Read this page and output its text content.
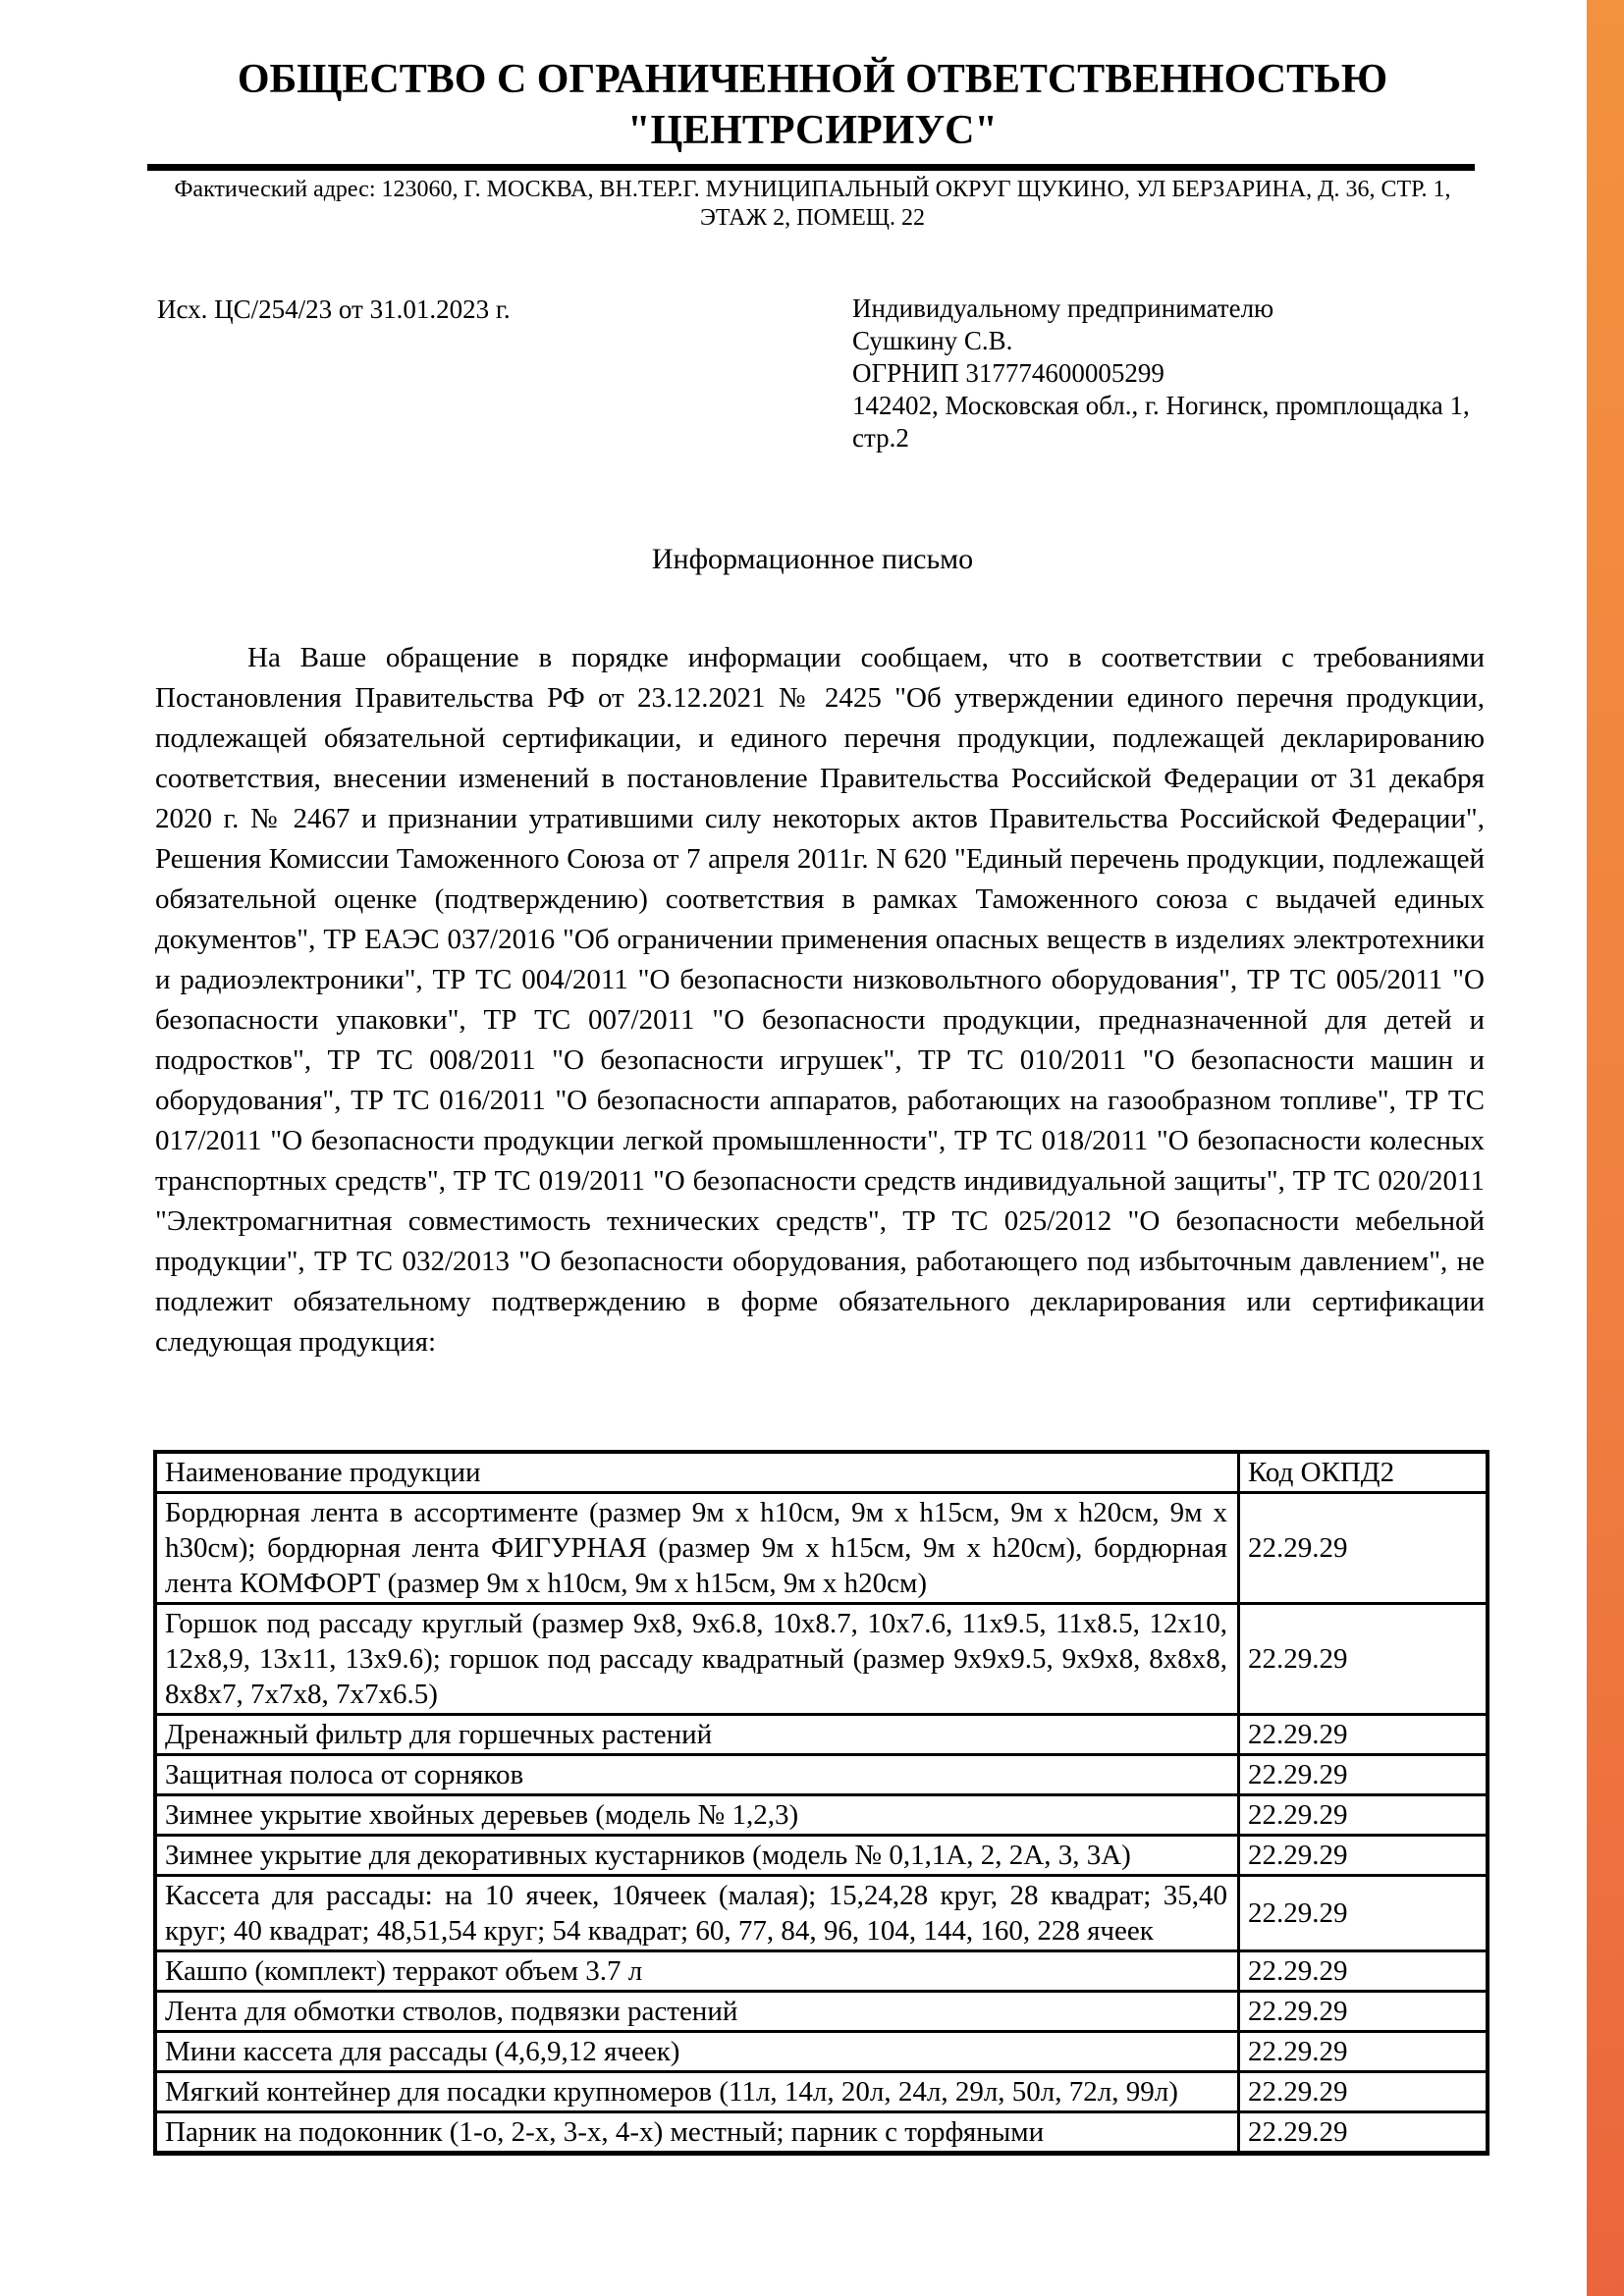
ОБЩЕСТВО С ОГРАНИЧЕННОЙ ОТВЕТСТВЕННОСТЬЮ
"ЦЕНТРСИРИУС"
Фактический адрес: 123060, Г. МОСКВА, ВН.ТЕР.Г. МУНИЦИПАЛЬНЫЙ ОКРУГ ЩУКИНО, УЛ БЕРЗАРИНА, Д. 36, СТР. 1,
ЭТАЖ 2, ПОМЕЩ. 22
Исх. ЦС/254/23 от 31.01.2023 г.	Индивидуальному предпринимателю
Сушкину С.В.
ОГРНИП 317774600005299
142402, Московская обл., г. Ногинск, промплощадка 1,
стр.2
Информационное письмо
На Ваше обращение в порядке информации сообщаем, что в соответствии с требованиями Постановления Правительства РФ от 23.12.2021 № 2425 "Об утверждении единого перечня продукции, подлежащей обязательной сертификации, и единого перечня продукции, подлежащей декларированию соответствия, внесении изменений в постановление Правительства Российской Федерации от 31 декабря 2020 г. № 2467 и признании утратившими силу некоторых актов Правительства Российской Федерации", Решения Комиссии Таможенного Союза от 7 апреля 2011г. N 620 "Единый перечень продукции, подлежащей обязательной оценке (подтверждению) соответствия в рамках Таможенного союза с выдачей единых документов", ТР ЕАЭС 037/2016 "Об ограничении применения опасных веществ в изделиях электротехники и радиоэлектроники", ТР ТС 004/2011 "О безопасности низковольтного оборудования", ТР ТС 005/2011 "О безопасности упаковки", ТР ТС 007/2011 "О безопасности продукции, предназначенной для детей и подростков", ТР ТС 008/2011 "О безопасности игрушек", ТР ТС 010/2011 "О безопасности машин и оборудования", ТР ТС 016/2011 "О безопасности аппаратов, работающих на газообразном топливе", ТР ТС 017/2011 "О безопасности продукции легкой промышленности", ТР ТС 018/2011 "О безопасности колесных транспортных средств", ТР ТС 019/2011 "О безопасности средств индивидуальной защиты", ТР ТС 020/2011 "Электромагнитная совместимость технических средств", ТР ТС 025/2012 "О безопасности мебельной продукции", ТР ТС 032/2013 "О безопасности оборудования, работающего под избыточным давлением", не подлежит обязательному подтверждению в форме обязательного декларирования или сертификации следующая продукция:
Наименование продукции	Код ОКПД2
Бордюрная лента в ассортименте (размер 9м х h10см, 9м х h15см, 9м х h20см, 9м х h30см); бордюрная лента ФИГУРНАЯ (размер 9м х h15см, 9м х h20см), бордюрная лента КОМФОРТ (размер 9м х h10см, 9м х h15см, 9м х h20см)	22.29.29
Горшок под рассаду круглый (размер 9х8, 9х6.8, 10х8.7, 10х7.6, 11х9.5, 11х8.5, 12х10, 12х8,9, 13х11, 13х9.6); горшок под рассаду квадратный (размер 9х9х9.5, 9х9х8, 8х8х8, 8х8х7, 7х7х8, 7х7х6.5)	22.29.29
Дренажный фильтр для горшечных растений	22.29.29
Защитная полоса от сорняков	22.29.29
Зимнее укрытие хвойных деревьев (модель № 1,2,3)	22.29.29
Зимнее укрытие для декоративных кустарников (модель № 0,1,1А, 2, 2А, 3, 3А)	22.29.29
Кассета для рассады: на 10 ячеек, 10ячеек (малая); 15,24,28 круг, 28 квадрат; 35,40 круг; 40 квадрат; 48,51,54 круг; 54 квадрат; 60, 77, 84, 96, 104, 144, 160, 228 ячеек	22.29.29
Кашпо (комплект) терракот объем 3.7 л	22.29.29
Лента для обмотки стволов, подвязки растений	22.29.29
Мини кассета для рассады (4,6,9,12 ячеек)	22.29.29
Мягкий контейнер для посадки крупномеров (11л, 14л, 20л, 24л, 29л, 50л, 72л, 99л)	22.29.29
Парник на подоконник (1-о, 2-х, 3-х, 4-х) местный; парник с торфяными	22.29.29
